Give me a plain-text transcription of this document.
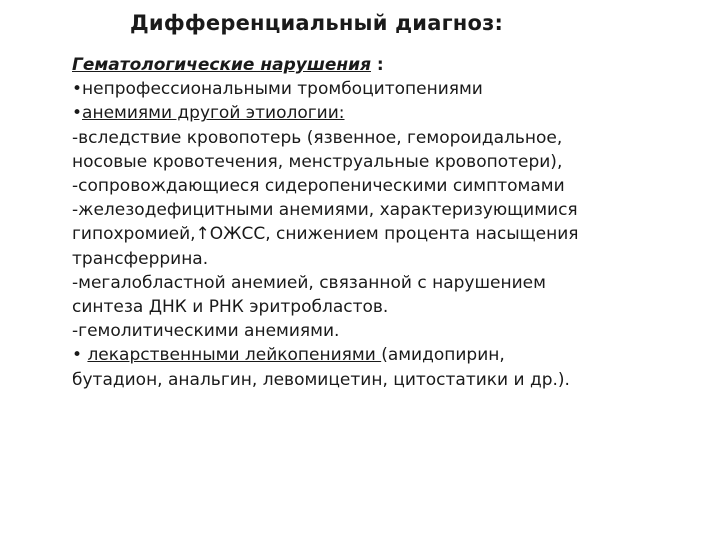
Дифференциальный диагноз:
Гематологические нарушения :
•непрофессиональными тромбоцитопениями
•анемиями другой этиологии:
-вследствие кровопотерь (язвенное, гемороидальное,
носовые кровотечения, менструальные кровопотери),
-сопровождающиеся сидеропеническими симптомами
-железодефицитными анемиями, характеризующимися
гипохромией,↑ОЖСС, снижением процента насыщения
трансферрина.
-мегалобластной анемией, связанной с нарушением
синтеза ДНК и РНК эритробластов.
-гемолитическими анемиями.
• лекарственными лейкопениями (амидопирин,
бутадион, анальгин, левомицетин, цитостатики и др.).
